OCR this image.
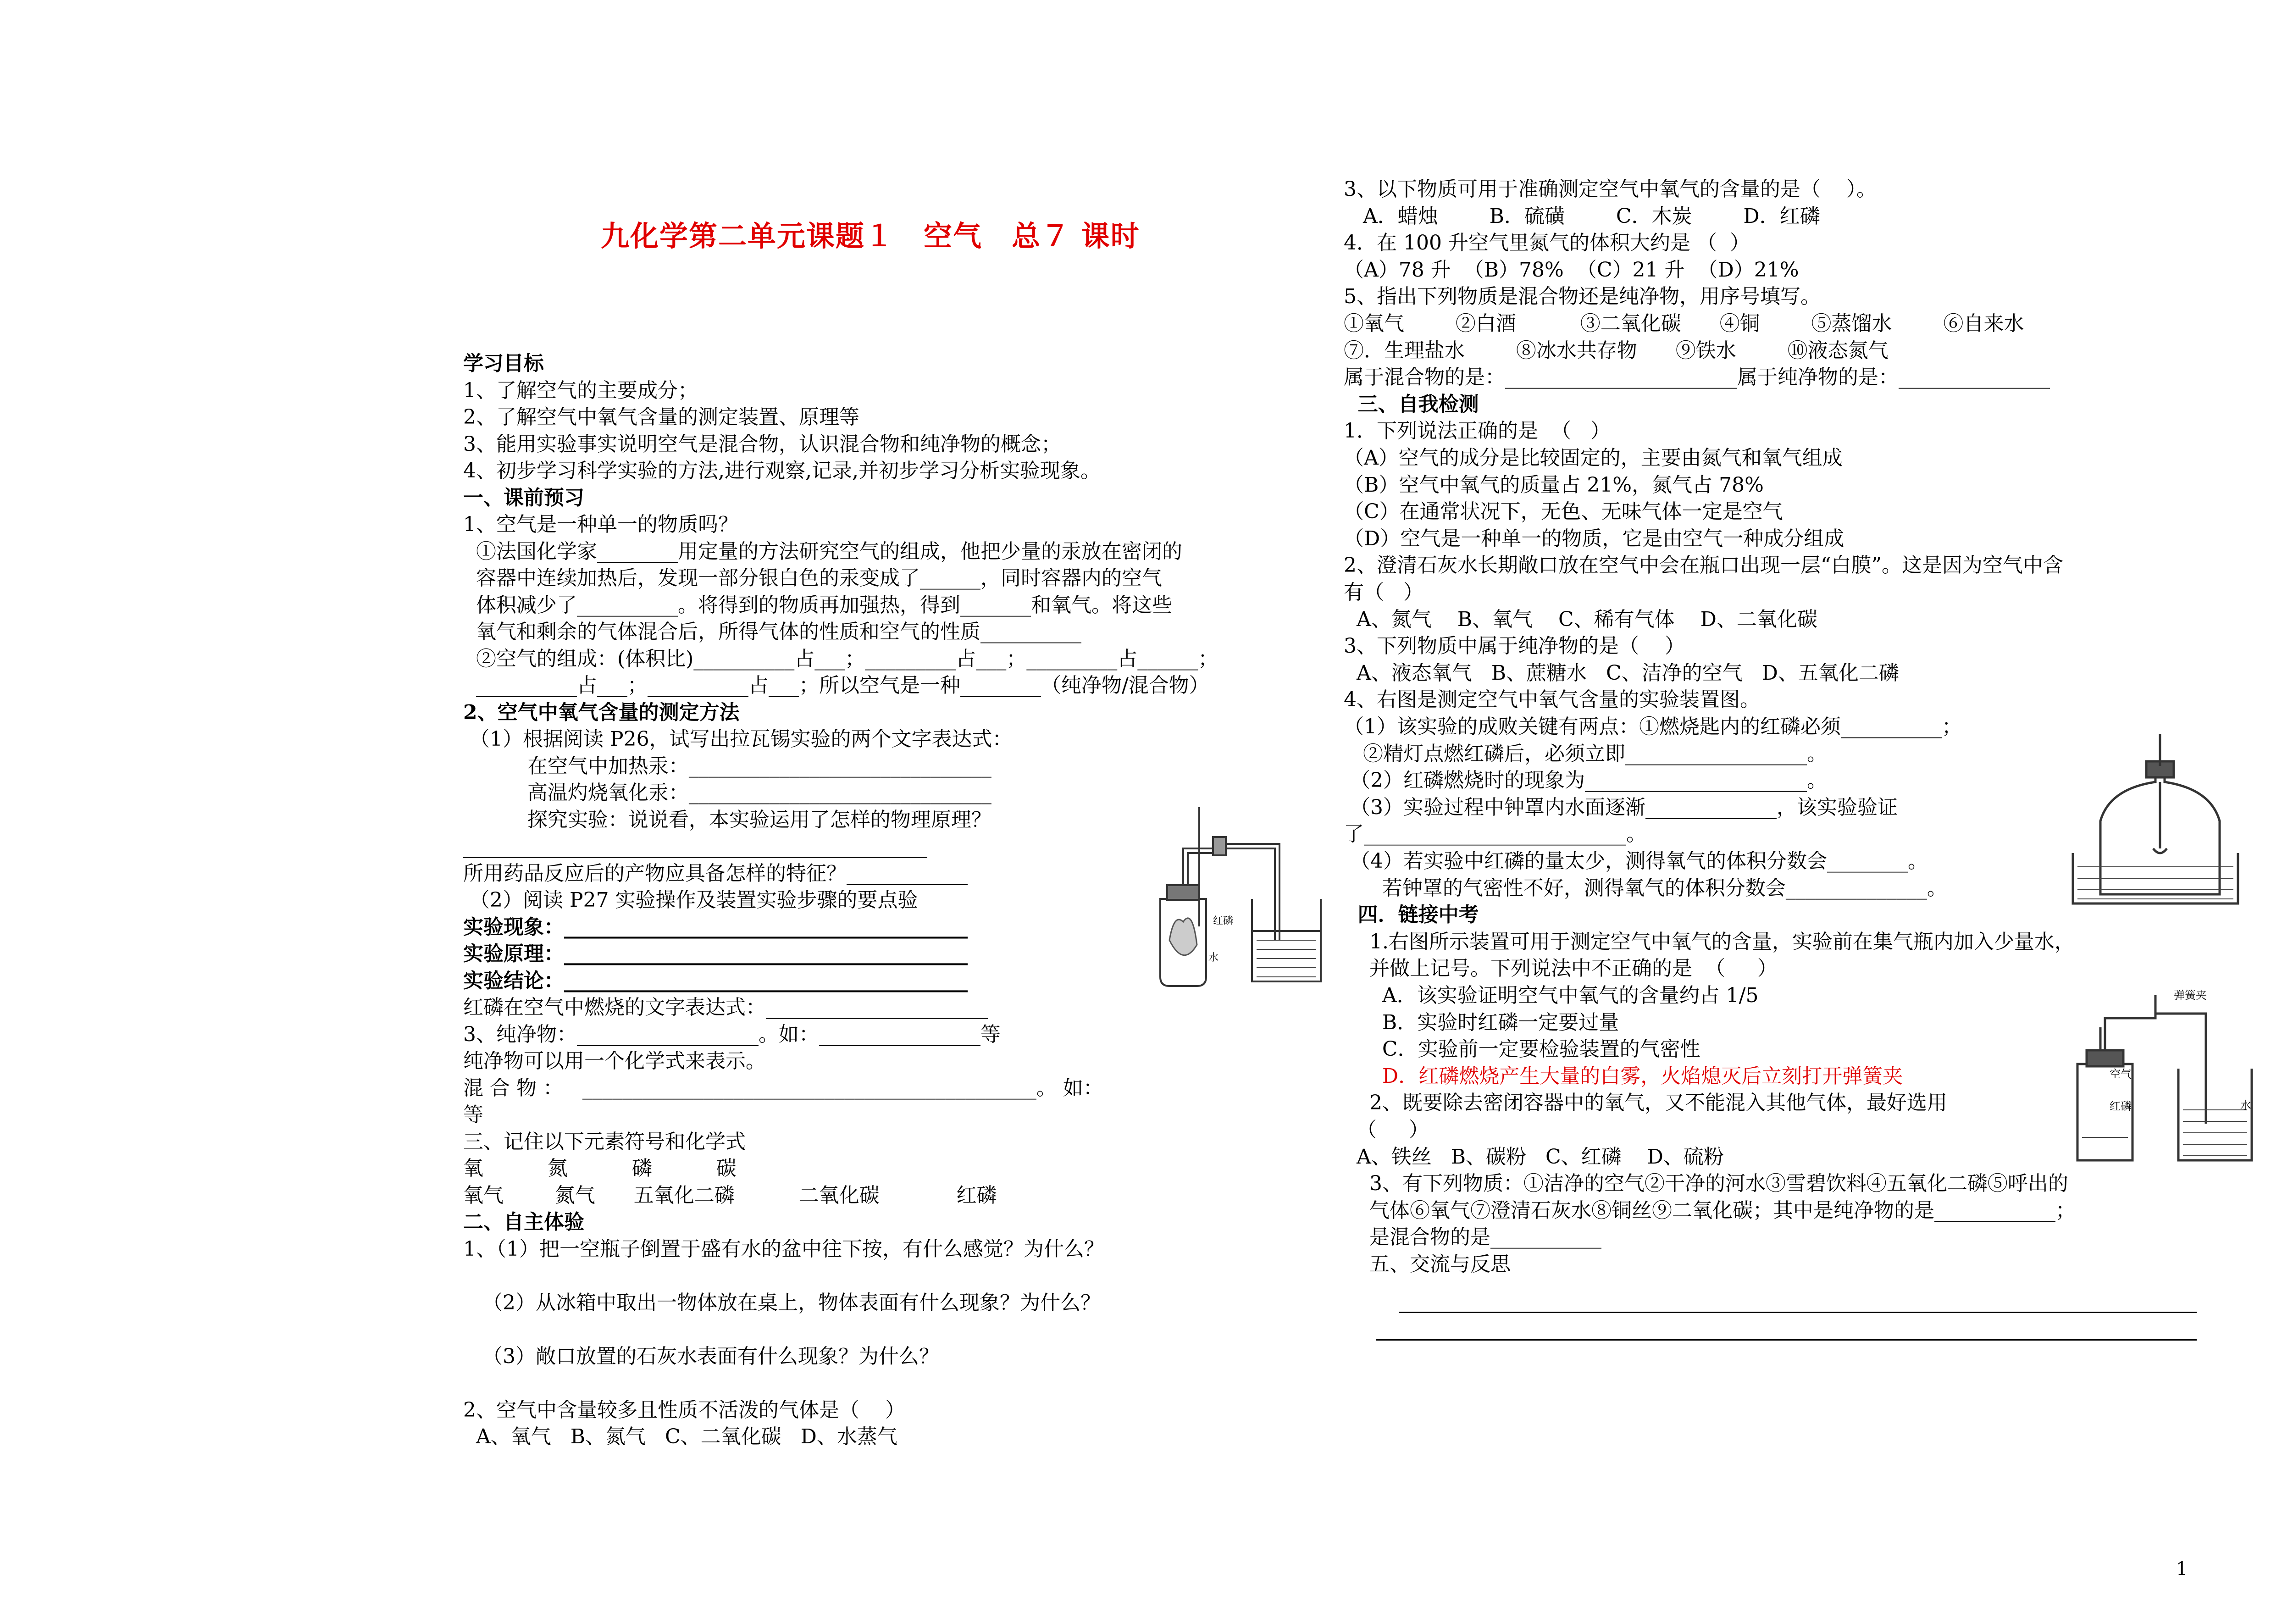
九化学第二单元课题１　空气　总７ 课时
学习目标
1、了解空气的主要成分；
2、了解空气中氧气含量的测定装置、原理等
3、能用实验事实说明空气是混合物，认识混合物和纯净物的概念；
4、初步学习科学实验的方法,进行观察,记录,并初步学习分析实验现象。
一、课前预习
1、空气是一种单一的物质吗？
①法国化学家________用定量的方法研究空气的组成，他把少量的汞放在密闭的
容器中连续加热后，发现一部分银白色的汞变成了______，同时容器内的空气
体积减少了__________。将得到的物质再加强热，得到_______和氧气。将这些
氧气和剩余的气体混合后，所得气体的性质和空气的性质__________
②空气的组成：(体积比)__________占___；_________占___；_________占______；
__________占___；__________占___；所以空气是一种________（纯净物/混合物）
2、空气中氧气含量的测定方法
（1）根据阅读 P26，试写出拉瓦锡实验的两个文字表达式：
在空气中加热汞：______________________________
高温灼烧氧化汞：______________________________
探究实验：说说看，本实验运用了怎样的物理原理？
______________________________________________
所用药品反应后的产物应具备怎样的特征？____________
（2）阅读 P27 实验操作及装置实验步骤的要点验
实验现象：________________________________________
实验原理：________________________________________
实验结论：________________________________________
红磷在空气中燃烧的文字表达式：______________________
3、纯净物：__________________。如：________________等
纯净物可以用一个化学式来表示。
混 合 物 ：   _____________________________________________。 如：
等
三、记住以下元素符号和化学式
氧          氮          磷          碳
氧气        氮气      五氧化二磷          二氧化碳            红磷
二、自主体验
1、（1）把一空瓶子倒置于盛有水的盆中往下按，有什么感觉？为什么？
（2）从冰箱中取出一物体放在桌上，物体表面有什么现象？为什么？
（3）敞口放置的石灰水表面有什么现象？为什么？
2、空气中含量较多且性质不活泼的气体是（    ）
A、氧气   B、氮气   C、二氧化碳   D、水蒸气
3、以下物质可用于准确测定空气中氧气的含量的是（    ）。
A．蜡烛        B．硫磺        C．木炭        D．红磷
4．在 100 升空气里氮气的体积大约是 （  ）
（A）78 升  （B）78%  （C）21 升  （D）21%
5、指出下列物质是混合物还是纯净物，用序号填写。
①氧气        ②白酒          ③二氧化碳      ④铜        ⑤蒸馏水        ⑥自来水
⑦．生理盐水        ⑧冰水共存物      ⑨铁水        ⑩液态氮气
属于混合物的是：_______________________属于纯净物的是：_______________
三、自我检测
1．下列说法正确的是  （   ）
（A）空气的成分是比较固定的，主要由氮气和氧气组成
（B）空气中氧气的质量占 21%，氮气占 78%
（C）在通常状况下，无色、无味气体一定是空气
（D）空气是一种单一的物质，它是由空气一种成分组成
2、澄清石灰水长期敞口放在空气中会在瓶口出现一层“白膜”。这是因为空气中含
有（   ）
A、氮气    B、氧气    C、稀有气体    D、二氧化碳
3、下列物质中属于纯净物的是（    ）
A、液态氧气   B、蔗糖水   C、洁净的空气   D、五氧化二磷
4、右图是测定空气中氧气含量的实验装置图。
（1）该实验的成败关键有两点：①燃烧匙内的红磷必须__________；
②精灯点燃红磷后，必须立即__________________。
（2）红磷燃烧时的现象为______________________。
（3）实验过程中钟罩内水面逐渐_____________，该实验验证
了__________________________。
（4）若实验中红磷的量太少，测得氧气的体积分数会________。
若钟罩的气密性不好，测得氧气的体积分数会______________。
四．链接中考
1.右图所示装置可用于测定空气中氧气的含量，实验前在集气瓶内加入少量水，
并做上记号。下列说法中不正确的是  （     ）
A．该实验证明空气中氧气的含量约占 1/5
B．实验时红磷一定要过量
C．实验前一定要检验装置的气密性
D．红磷燃烧产生大量的白雾，火焰熄灭后立刻打开弹簧夹
2、既要除去密闭容器中的氧气，又不能混入其他气体，最好选用
（     ）
A、铁丝   B、碳粉   C、红磷    D、硫粉
3、有下列物质：①洁净的空气②干净的河水③雪碧饮料④五氧化二磷⑤呼出的
气体⑥氧气⑦澄清石灰水⑧铜丝⑨二氧化碳；其中是纯净物的是____________；
是混合物的是___________
五、交流与反思
红磷
水
弹簧夹
空气
红磷	水
1
